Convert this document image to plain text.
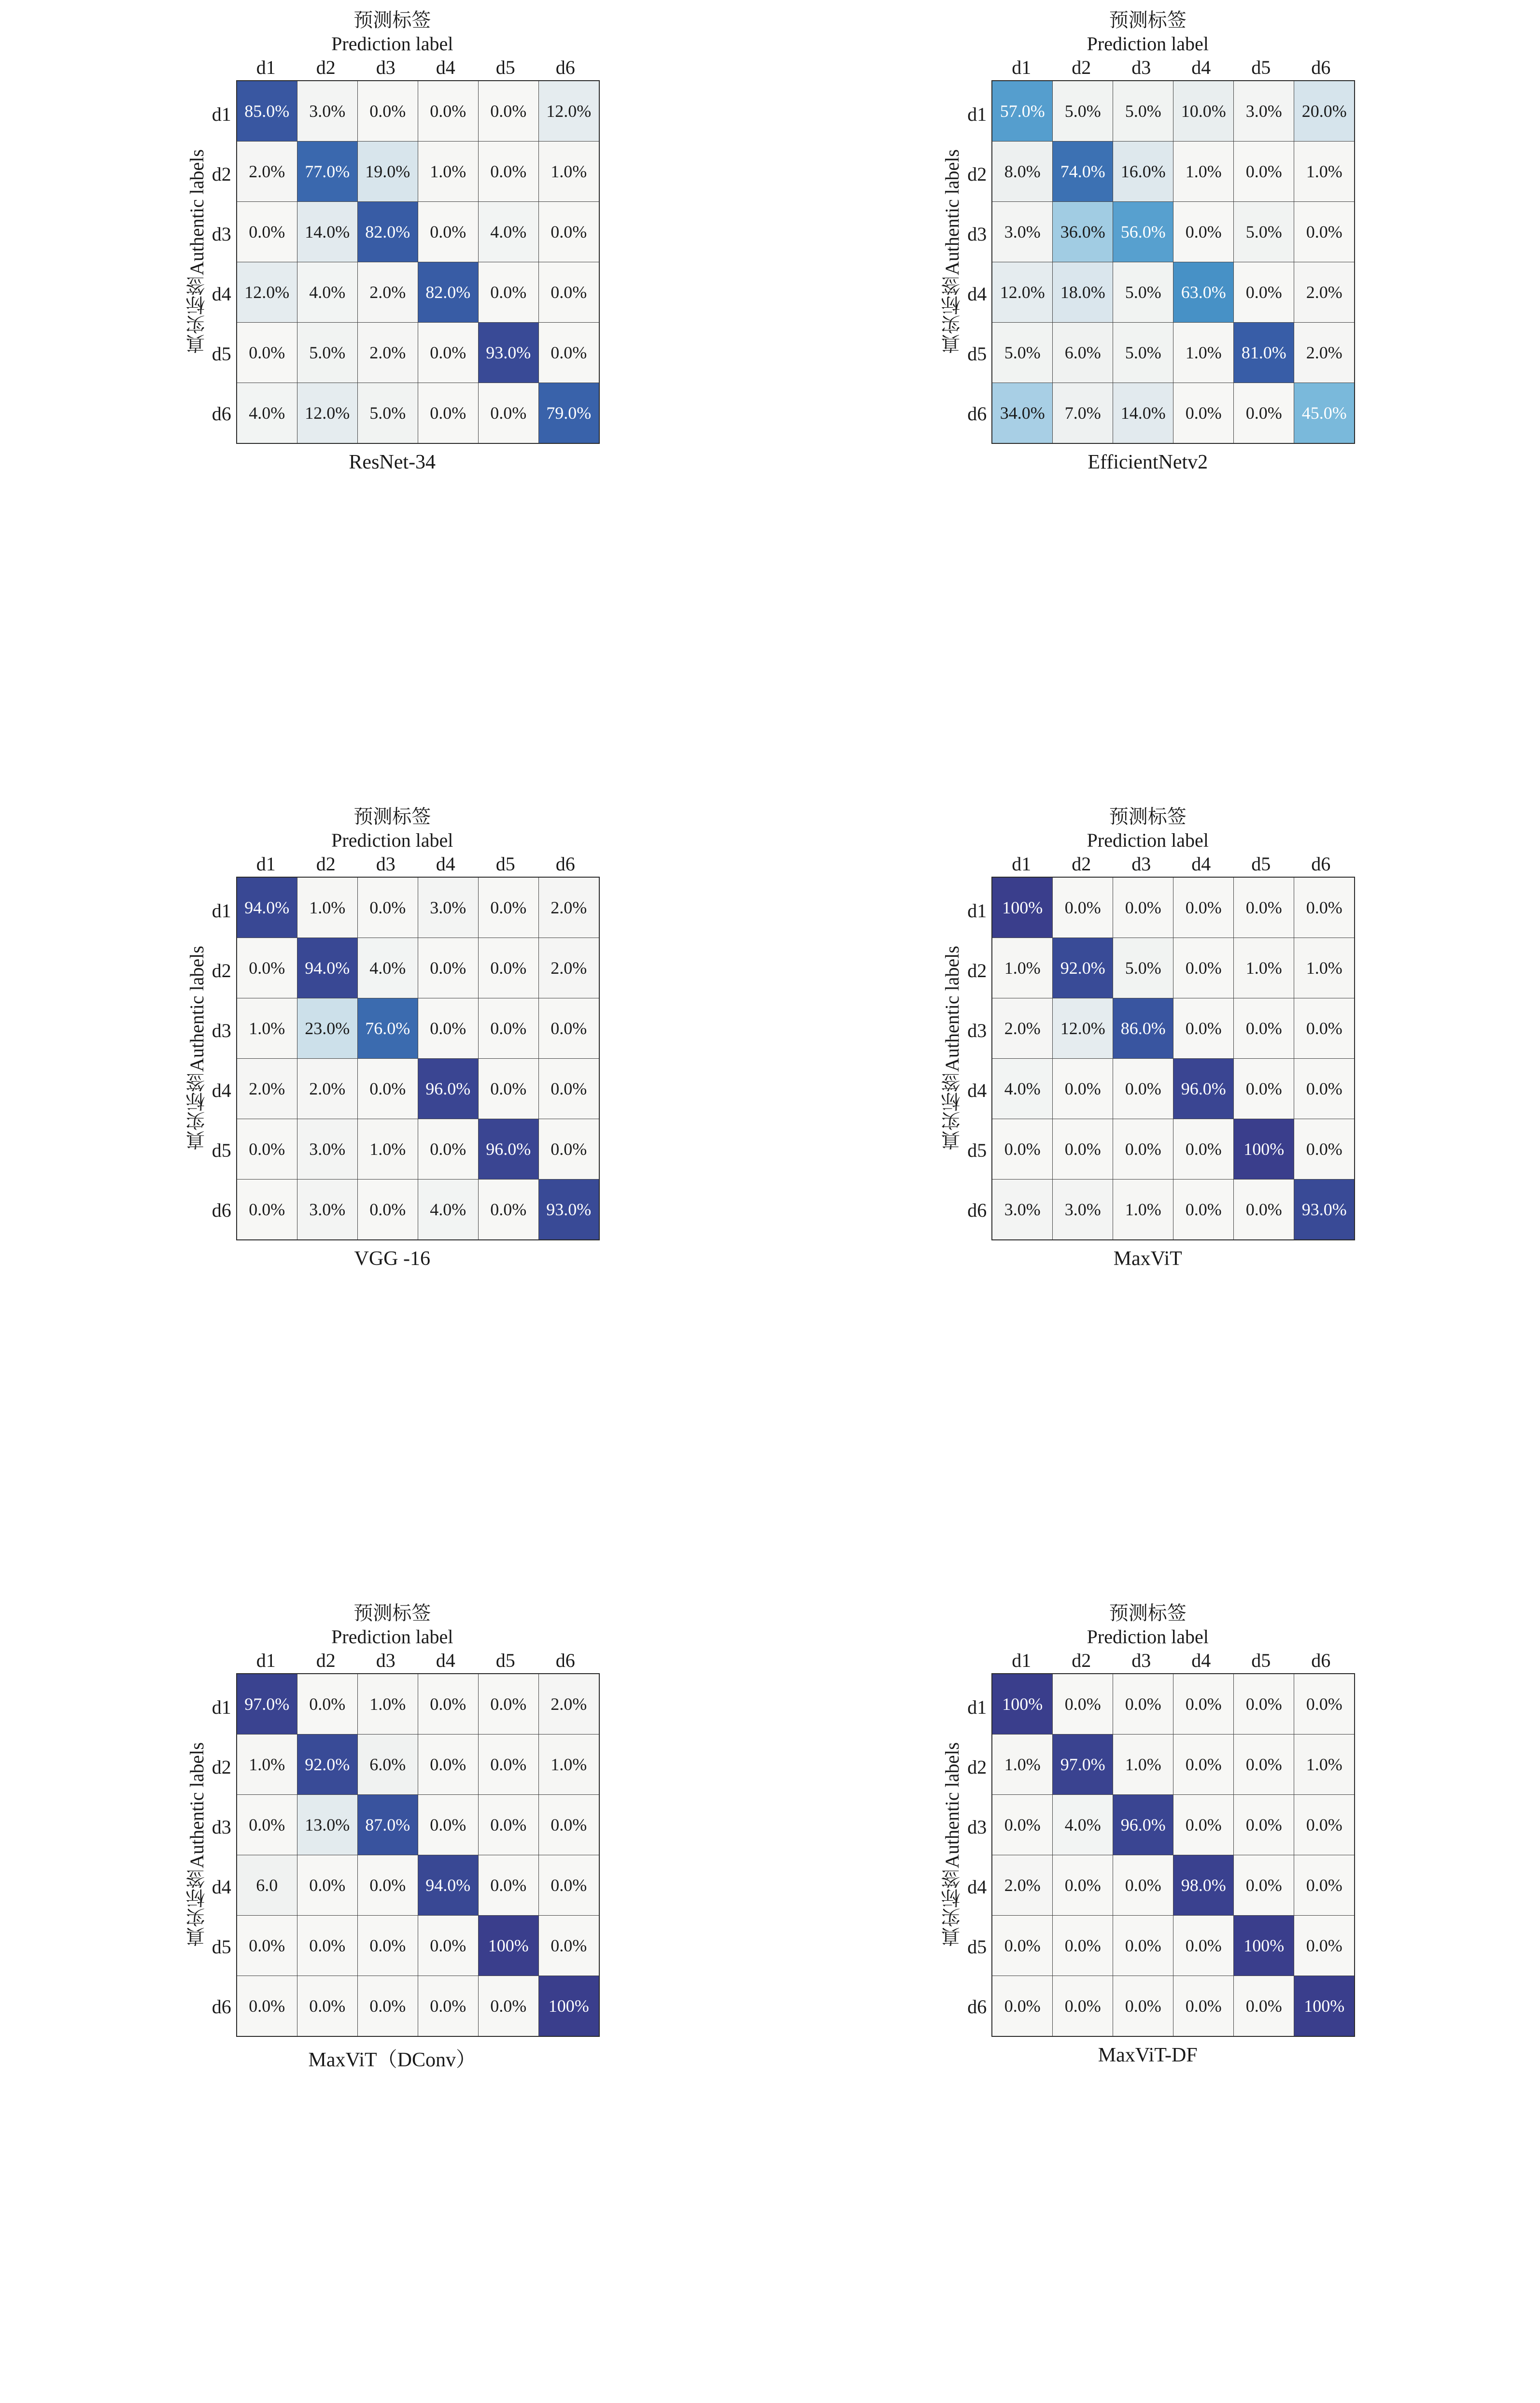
预测标签
Prediction label
真实标签
Authentic labels
d1
d2
d3
d4
d5
d6
d1	d2	d3	d4	d5	d6
85.0%	3.0%	0.0%	0.0%	0.0%	12.0%
2.0%	77.0%	19.0%	1.0%	0.0%	1.0%
0.0%	14.0%	82.0%	0.0%	4.0%	0.0%
12.0%	4.0%	2.0%	82.0%	0.0%	0.0%
0.0%	5.0%	2.0%	0.0%	93.0%	0.0%
4.0%	12.0%	5.0%	0.0%	0.0%	79.0%
ResNet-34
预测标签
Prediction label
真实标签
Authentic labels
d1
d2
d3
d4
d5
d6
d1	d2	d3	d4	d5	d6
57.0%	5.0%	5.0%	10.0%	3.0%	20.0%
8.0%	74.0%	16.0%	1.0%	0.0%	1.0%
3.0%	36.0%	56.0%	0.0%	5.0%	0.0%
12.0%	18.0%	5.0%	63.0%	0.0%	2.0%
5.0%	6.0%	5.0%	1.0%	81.0%	2.0%
34.0%	7.0%	14.0%	0.0%	0.0%	45.0%
EfficientNetv2
预测标签
Prediction label
真实标签
Authentic labels
d1
d2
d3
d4
d5
d6
d1	d2	d3	d4	d5	d6
94.0%	1.0%	0.0%	3.0%	0.0%	2.0%
0.0%	94.0%	4.0%	0.0%	0.0%	2.0%
1.0%	23.0%	76.0%	0.0%	0.0%	0.0%
2.0%	2.0%	0.0%	96.0%	0.0%	0.0%
0.0%	3.0%	1.0%	0.0%	96.0%	0.0%
0.0%	3.0%	0.0%	4.0%	0.0%	93.0%
VGG -16
预测标签
Prediction label
真实标签
Authentic labels
d1
d2
d3
d4
d5
d6
d1	d2	d3	d4	d5	d6
100%	0.0%	0.0%	0.0%	0.0%	0.0%
1.0%	92.0%	5.0%	0.0%	1.0%	1.0%
2.0%	12.0%	86.0%	0.0%	0.0%	0.0%
4.0%	0.0%	0.0%	96.0%	0.0%	0.0%
0.0%	0.0%	0.0%	0.0%	100%	0.0%
3.0%	3.0%	1.0%	0.0%	0.0%	93.0%
MaxViT
预测标签
Prediction label
真实标签
Authentic labels
d1
d2
d3
d4
d5
d6
d1	d2	d3	d4	d5	d6
97.0%	0.0%	1.0%	0.0%	0.0%	2.0%
1.0%	92.0%	6.0%	0.0%	0.0%	1.0%
0.0%	13.0%	87.0%	0.0%	0.0%	0.0%
6.0	0.0%	0.0%	94.0%	0.0%	0.0%
0.0%	0.0%	0.0%	0.0%	100%	0.0%
0.0%	0.0%	0.0%	0.0%	0.0%	100%
MaxViT（DConv）
预测标签
Prediction label
真实标签
Authentic labels
d1
d2
d3
d4
d5
d6
d1	d2	d3	d4	d5	d6
100%	0.0%	0.0%	0.0%	0.0%	0.0%
1.0%	97.0%	1.0%	0.0%	0.0%	1.0%
0.0%	4.0%	96.0%	0.0%	0.0%	0.0%
2.0%	0.0%	0.0%	98.0%	0.0%	0.0%
0.0%	0.0%	0.0%	0.0%	100%	0.0%
0.0%	0.0%	0.0%	0.0%	0.0%	100%
MaxViT-DF
